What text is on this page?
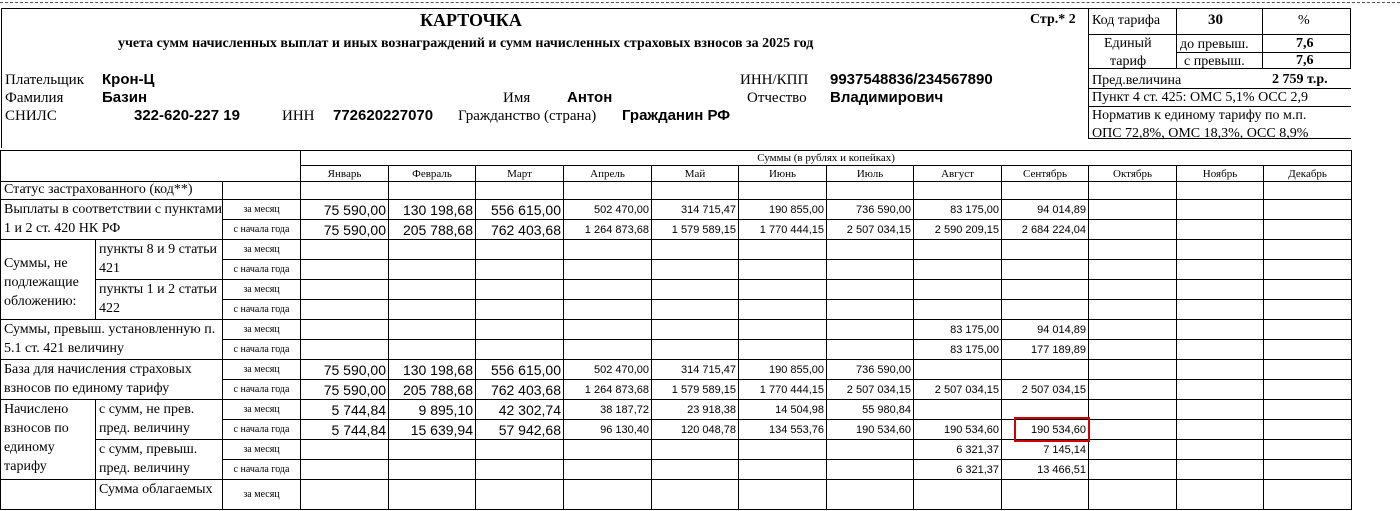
КАРТОЧКА
учета сумм начисленных выплат и иных вознаграждений и сумм начисленных страховых взносов за 2025 год
Стр.* 2 Код тарифа	30	%
Единый
тариф
до превыш.	7,6
с превыш.	7,6
Пред.величина	2 759 т.р.
Пункт 4 ст. 425: ОМС 5,1% ОСС 2,9
Норматив к единому тарифу по м.п.
ОПС 72,8%, ОМС 18,3%, ОСС 8,9%
Плательщик Крон-Ц	ИНН/КПП 9937548836/234567890
Фамилия	Базин	Имя Антон	Отчество Владимирович
СНИЛС	322-620-227 19	ИНН 772620227070 Гражданство (страна) Гражданин РФ
			Суммы (в рублях и копейках)											
			Январь	Февраль	Март	Апрель	Май	Июнь	Июль	Август	Сентябрь	Октябрь	Ноябрь	Декабрь
Статус застрахованного (код**)														
Выплаты в соответствии с пунктами 1 и 2 ст. 420 НК РФ		за месяц	75 590,00	130 198,68	556 615,00	502 470,00	314 715,47	190 855,00	736 590,00	83 175,00	94 014,89			
		с начала года	75 590,00	205 788,68	762 403,68	1 264 873,68	1 579 589,15	1 770 444,15	2 507 034,15	2 590 209,15	2 684 224,04			
Суммы, не подлежащие обложению:	пункты 8 и 9 статьи 421	за месяц												
		с начала года												
	пункты 1 и 2 статьи 422	за месяц												
		с начала года												
Суммы, превыш. установленную п. 5.1 ст. 421 величину		за месяц								83 175,00	94 014,89			
		с начала года								83 175,00	177 189,89			
База для начисления страховых взносов по единому тарифу		за месяц	75 590,00	130 198,68	556 615,00	502 470,00	314 715,47	190 855,00	736 590,00					
		с начала года	75 590,00	205 788,68	762 403,68	1 264 873,68	1 579 589,15	1 770 444,15	2 507 034,15	2 507 034,15	2 507 034,15			
Начислено взносов по единому тарифу	с сумм, не прев. пред. величину	за месяц	5 744,84	9 895,10	42 302,74	38 187,72	23 918,38	14 504,98	55 980,84					
		с начала года	5 744,84	15 639,94	57 942,68	96 130,40	120 048,78	134 553,76	190 534,60	190 534,60	190 534,60			
	с сумм, превыш. пред. величину	за месяц								6 321,37	7 145,14			
		с начала года								6 321,37	13 466,51			
	Сумма облагаемых	за месяц												
